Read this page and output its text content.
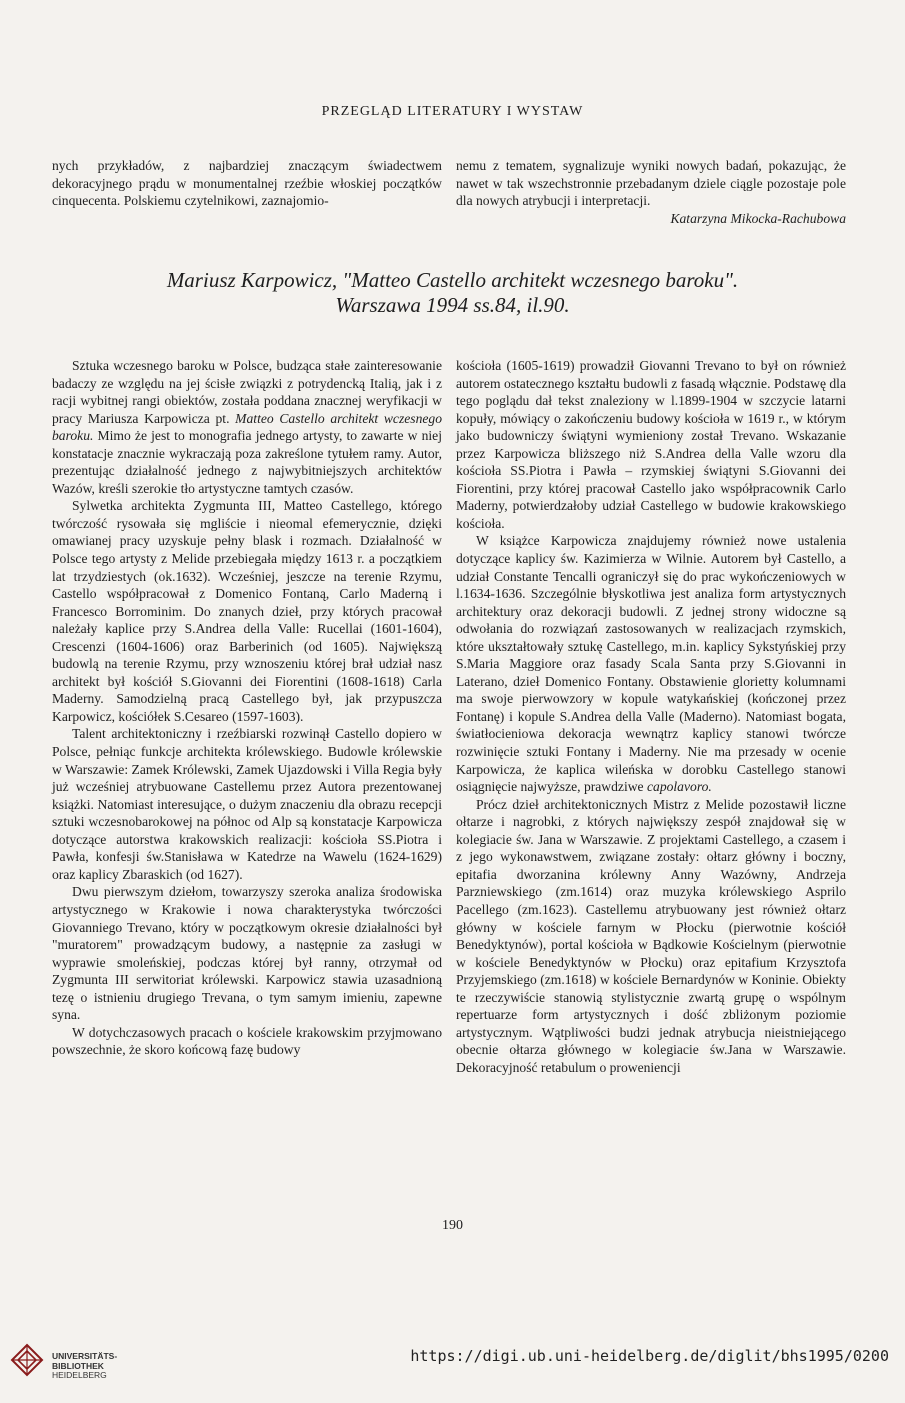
PRZEGLĄD LITERATURY I WYSTAW

nych przykładów, z najbardziej znaczącym świadectwem dekoracyjnego prądu w monumentalnej rzeźbie włoskiej początków cinquecenta. Polskiemu czytelnikowi, zaznajomio-

nemu z tematem, sygnalizuje wyniki nowych badań, pokazując, że nawet w tak wszechstronnie przebadanym dziele ciągle pozostaje pole dla nowych atrybucji i interpretacji.

Katarzyna Mikocka-Rachubowa

Mariusz Karpowicz, "Matteo Castello architekt wczesnego baroku".
Warszawa 1994 ss.84, il.90.

Sztuka wczesnego baroku w Polsce, budząca stałe zainteresowanie badaczy ze względu na jej ścisłe związki z potrydencką Italią, jak i z racji wybitnej rangi obiektów, została poddana znacznej weryfikacji w pracy Mariusza Karpowicza pt. Matteo Castello architekt wczesnego baroku. Mimo że jest to monografia jednego artysty, to zawarte w niej konstatacje znacznie wykraczają poza zakreślone tytułem ramy. Autor, prezentując działalność jednego z najwybitniejszych architektów Wazów, kreśli szerokie tło artystyczne tamtych czasów.

Sylwetka architekta Zygmunta III, Matteo Castellego, którego twórczość rysowała się mgliście i nieomal efemerycznie, dzięki omawianej pracy uzyskuje pełny blask i rozmach. Działalność w Polsce tego artysty z Melide przebiegała między 1613 r. a początkiem lat trzydziestych (ok.1632). Wcześniej, jeszcze na terenie Rzymu, Castello współpracował z Domenico Fontaną, Carlo Maderną i Francesco Borrominim. Do znanych dzieł, przy których pracował należały kaplice przy S.Andrea della Valle: Rucellai (1601-1604), Crescenzi (1604-1606) oraz Barberinich (od 1605). Największą budowlą na terenie Rzymu, przy wznoszeniu której brał udział nasz architekt był kościół S.Giovanni dei Fiorentini (1608-1618) Carla Maderny. Samodzielną pracą Castellego był, jak przypuszcza Karpowicz, kościółek S.Cesareo (1597-1603).

Talent architektoniczny i rzeźbiarski rozwinął Castello dopiero w Polsce, pełniąc funkcje architekta królewskiego. Budowle królewskie w Warszawie: Zamek Królewski, Zamek Ujazdowski i Villa Regia były już wcześniej atrybuowane Castellemu przez Autora prezentowanej książki. Natomiast interesujące, o dużym znaczeniu dla obrazu recepcji sztuki wczesnobarokowej na północ od Alp są konstatacje Karpowicza dotyczące autorstwa krakowskich realizacji: kościoła SS.Piotra i Pawła, konfesji św.Stanisława w Katedrze na Wawelu (1624-1629) oraz kaplicy Zbaraskich (od 1627).

Dwu pierwszym dziełom, towarzyszy szeroka analiza środowiska artystycznego w Krakowie i nowa charakterystyka twórczości Giovanniego Trevano, który w początkowym okresie działalności był "muratorem" prowadzącym budowy, a następnie za zasługi w wyprawie smoleńskiej, podczas której był ranny, otrzymał od Zygmunta III serwitoriat królewski. Karpowicz stawia uzasadnioną tezę o istnieniu drugiego Trevana, o tym samym imieniu, zapewne syna.

W dotychczasowych pracach o kościele krakowskim przyjmowano powszechnie, że skoro końcową fazę budowy

kościoła (1605-1619) prowadził Giovanni Trevano to był on również autorem ostatecznego kształtu budowli z fasadą włącznie. Podstawę dla tego poglądu dał tekst znaleziony w l.1899-1904 w szczycie latarni kopuły, mówiący o zakończeniu budowy kościoła w 1619 r., w którym jako budowniczy świątyni wymieniony został Trevano. Wskazanie przez Karpowicza bliższego niż S.Andrea della Valle wzoru dla kościoła SS.Piotra i Pawła – rzymskiej świątyni S.Giovanni dei Fiorentini, przy której pracował Castello jako współpracownik Carlo Maderny, potwierdzałoby udział Castellego w budowie krakowskiego kościoła.

W książce Karpowicza znajdujemy również nowe ustalenia dotyczące kaplicy św. Kazimierza w Wilnie. Autorem był Castello, a udział Constante Tencalli ograniczył się do prac wykończeniowych w l.1634-1636. Szczególnie błyskotliwa jest analiza form artystycznych architektury oraz dekoracji budowli. Z jednej strony widoczne są odwołania do rozwiązań zastosowanych w realizacjach rzymskich, które ukształtowały sztukę Castellego, m.in. kaplicy Sykstyńskiej przy S.Maria Maggiore oraz fasady Scala Santa przy S.Giovanni in Laterano, dzieł Domenico Fontany. Obstawienie glorietty kolumnami ma swoje pierwowzory w kopule watykańskiej (kończonej przez Fontanę) i kopule S.Andrea della Valle (Maderno). Natomiast bogata, światłocieniowa dekoracja wewnątrz kaplicy stanowi twórcze rozwinięcie sztuki Fontany i Maderny. Nie ma przesady w ocenie Karpowicza, że kaplica wileńska w dorobku Castellego stanowi osiągnięcie najwyższe, prawdziwe capolavoro.

Prócz dzieł architektonicznych Mistrz z Melide pozostawił liczne ołtarze i nagrobki, z których największy zespół znajdował się w kolegiacie św. Jana w Warszawie. Z projektami Castellego, a czasem i z jego wykonawstwem, związane zostały: ołtarz główny i boczny, epitafia dworzanina królewny Anny Wazówny, Andrzeja Parzniewskiego (zm.1614) oraz muzyka królewskiego Asprilo Pacellego (zm.1623). Castellemu atrybuowany jest również ołtarz główny w kościele farnym w Płocku (pierwotnie kościół Benedyktynów), portal kościoła w Bądkowie Kościelnym (pierwotnie w kościele Benedyktynów w Płocku) oraz epitafium Krzysztofa Przyjemskiego (zm.1618) w kościele Bernardynów w Koninie. Obiekty te rzeczywiście stanowią stylistycznie zwartą grupę o wspólnym repertuarze form artystycznych i dość zbliżonym poziomie artystycznym. Wątpliwości budzi jednak atrybucja nieistniejącego obecnie ołtarza głównego w kolegiacie św.Jana w Warszawie. Dekoracyjność retabulum o proweniencji

190
UNIVERSITÄTS-
BIBLIOTHEK
HEIDELBERG
https://digi.ub.uni-heidelberg.de/diglit/bhs1995/0200
